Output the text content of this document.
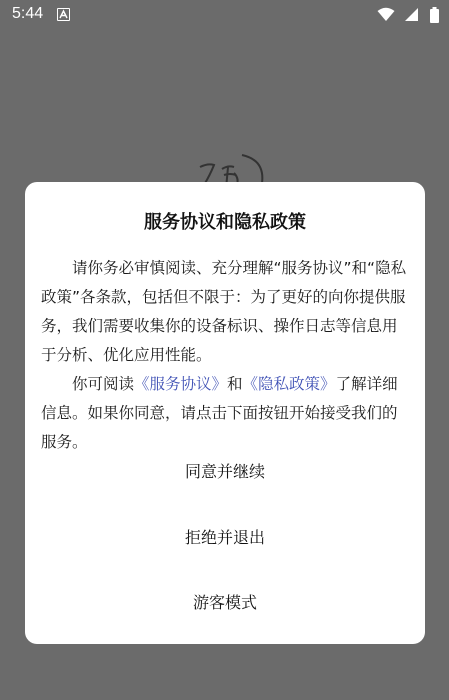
5:44

服务协议和隐私政策

请你务必审慎阅读、充分理解“服务协议”和“隐私政策”各条款，包括但不限于：为了更好的向你提供服务，我们需要收集你的设备标识、操作日志等信息用于分析、优化应用性能。

你可阅读《服务协议》和《隐私政策》了解详细信息。如果你同意，请点击下面按钮开始接受我们的服务。

同意并继续
拒绝并退出
游客模式
